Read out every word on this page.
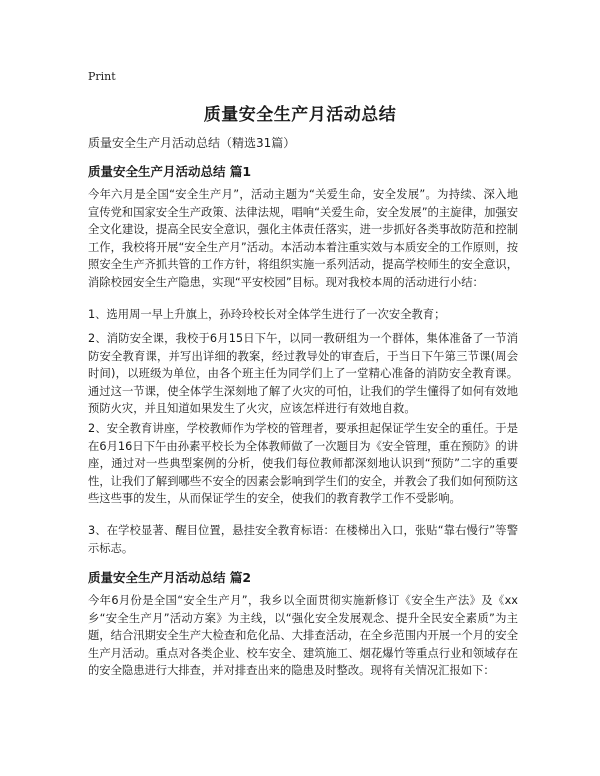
Print
质量安全生产月活动总结
质量安全生产月活动总结（精选31篇）
质量安全生产月活动总结 篇1

今年六月是全国“安全生产月”，活动主题为“关爱生命，安全发展”。为持续、深入地宣传党和国家安全生产政策、法律法规，唱响“关爱生命，安全发展”的主旋律，加强安全文化建设，提高全民安全意识，强化主体责任落实，进一步抓好各类事故防范和控制工作，我校将开展“安全生产月”活动。本活动本着注重实效与本质安全的工作原则，按照安全生产齐抓共管的工作方针，将组织实施一系列活动，提高学校师生的安全意识，消除校园安全生产隐患，实现“平安校园”目标。现对我校本周的活动进行小结：

1、选用周一早上升旗上，孙玲玲校长对全体学生进行了一次安全教育；

2、消防安全课，我校于6月15日下午，以同一教研组为一个群体，集体准备了一节消防安全教育课，并写出详细的教案，经过教导处的审查后，于当日下午第三节课(周会时间)，以班级为单位，由各个班主任为同学们上了一堂精心准备的消防安全教育课。通过这一节课，使全体学生深刻地了解了火灾的可怕，让我们的学生懂得了如何有效地预防火灾，并且知道如果发生了火灾，应该怎样进行有效地自救。

2、安全教育讲座，学校教师作为学校的管理者，要承担起保证学生安全的重任。于是在6月16日下午由孙素平校长为全体教师做了一次题目为《安全管理，重在预防》的讲座，通过对一些典型案例的分析，使我们每位教师都深刻地认识到“预防”二字的重要性，让我们了解到哪些不安全的因素会影响到学生们的安全，并教会了我们如何预防这些这些事的发生，从而保证学生的安全，使我们的教育教学工作不受影响。

3、在学校显著、醒目位置，悬挂安全教育标语：在楼梯出入口，张贴“靠右慢行”等警示标志。

质量安全生产月活动总结 篇2

今年6月份是全国“安全生产月”，我乡以全面贯彻实施新修订《安全生产法》及《xx乡“安全生产月”活动方案》为主线，以“强化安全发展观念、提升全民安全素质”为主题，结合汛期安全生产大检查和危化品、大排查活动，在全乡范围内开展一个月的安全生产月活动。重点对各类企业、校车安全、建筑施工、烟花爆竹等重点行业和领域存在的安全隐患进行大排查，并对排查出来的隐患及时整改。现将有关情况汇报如下：
